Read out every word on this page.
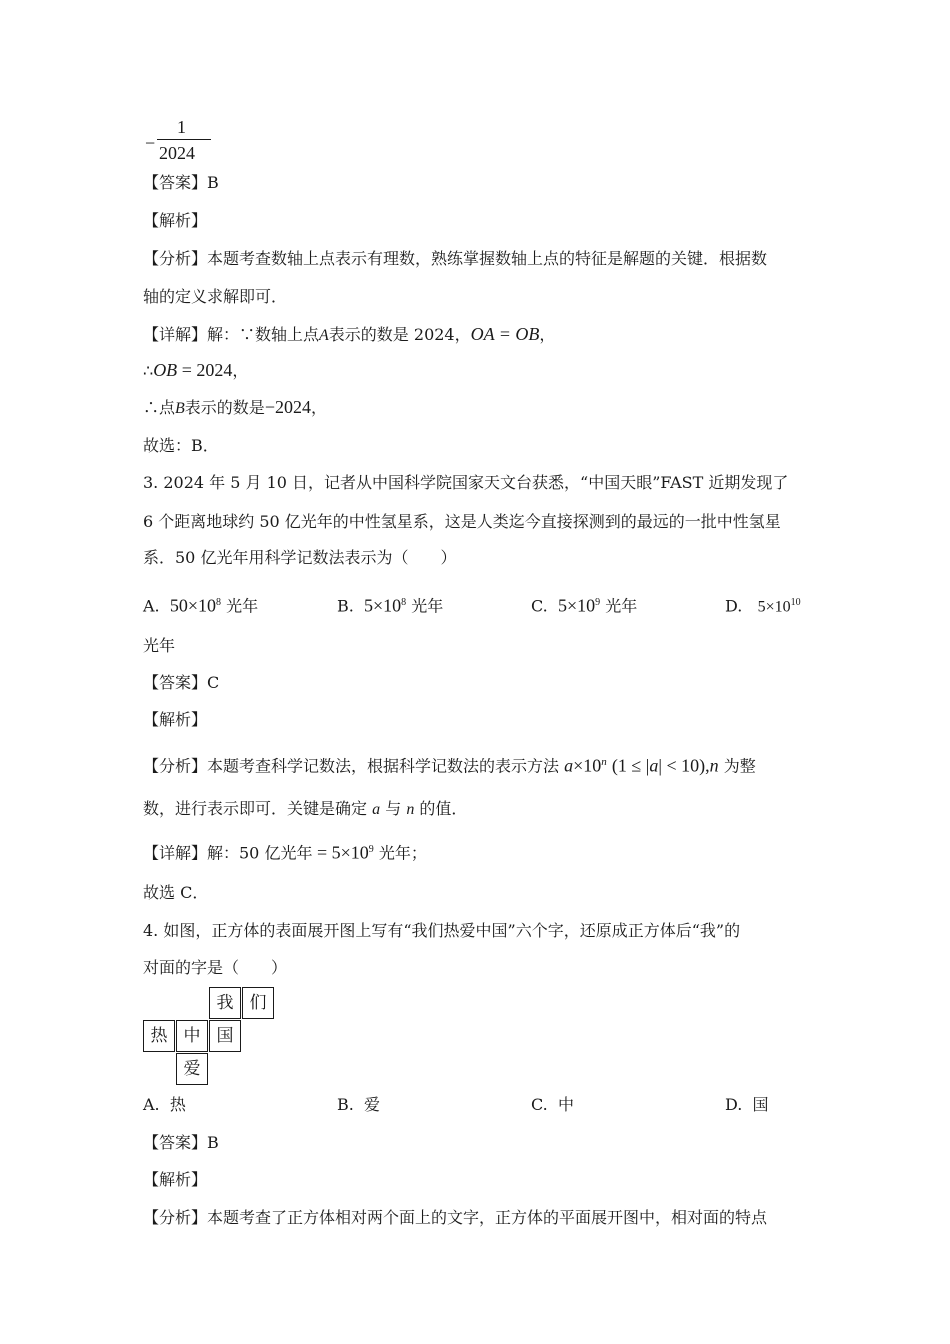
−
1
2024
【答案】B
【解析】
【分析】本题考查数轴上点表示有理数，熟练掌握数轴上点的特征是解题的关键．根据数
轴的定义求解即可．
【详解】解：∵数轴上点A表示的数是 2024，OA = OB，
∴OB = 2024，
∴点B表示的数是−2024，
故选：B．
3. 2024 年 5 月 10 日，记者从中国科学院国家天文台获悉，“中国天眼”FAST 近期发现了
6 个距离地球约 50 亿光年的中性氢星系，这是人类迄今直接探测到的最远的一批中性氢星
系．50 亿光年用科学记数法表示为（　　）
A. $50\times 10^8$ 光年	B. $5\times 10^8$ 光年	C. $5\times 10^9$ 光年	D. $5\times 10^{10}$
光年
【答案】C
【解析】
【分析】本题考查科学记数法，根据科学记数法的表示方法 $a\times 10^n$ (1 ≤ |a| < 10),n 为整
数，进行表示即可．关键是确定 a 与 n 的值．
【详解】解：50 亿光年 = $5\times 10^9$ 光年；
故选 C．
4. 如图，正方体的表面展开图上写有“我们热爱中国”六个字，还原成正方体后“我”的
对面的字是（　　）
我 们
热 中 国
爱
A. 热	B. 爱	C. 中	D. 国
【答案】B
【解析】
【分析】本题考查了正方体相对两个面上的文字，正方体的平面展开图中，相对面的特点
